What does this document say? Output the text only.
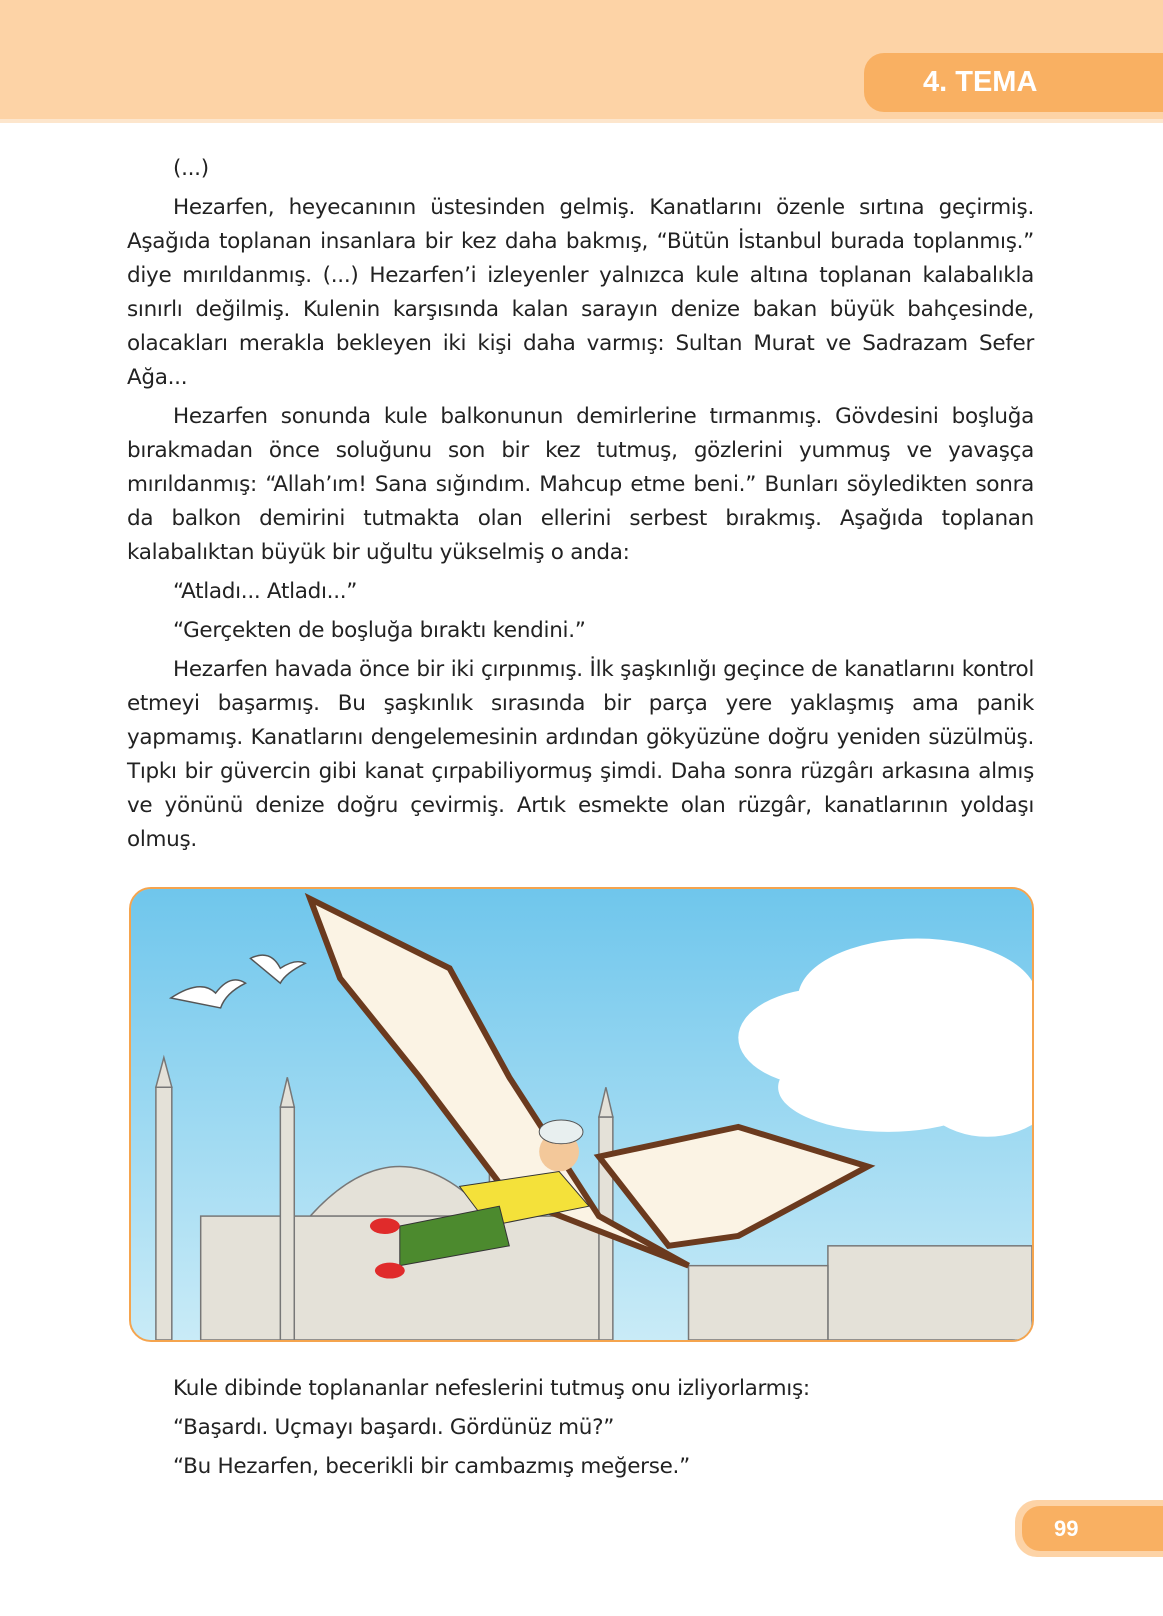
4. TEMA

(...)

Hezarfen, heyecanının üstesinden gelmiş. Kanatlarını özenle sırtına geçirmiş. Aşağıda toplanan insanlara bir kez daha bakmış, “Bütün İstanbul burada toplanmış.” diye mırıldanmış. (...) Hezarfen’i izleyenler yalnızca kule altına toplanan kalabalıkla sınırlı değilmiş. Kulenin karşısında kalan sarayın denize bakan büyük bahçesinde, olacakları merakla bekleyen iki kişi daha varmış: Sultan Murat ve Sadrazam Sefer Ağa...

Hezarfen sonunda kule balkonunun demirlerine tırmanmış. Gövdesini boşluğa bırakmadan önce soluğunu son bir kez tutmuş, gözlerini yummuş ve yavaşça mırıldanmış: “Allah’ım! Sana sığındım. Mahcup etme beni.” Bunları söyledikten sonra da balkon demirini tutmakta olan ellerini serbest bırakmış. Aşağıda toplanan kalabalıktan büyük bir uğultu yükselmiş o anda:

“Atladı... Atladı...”

“Gerçekten de boşluğa bıraktı kendini.”

Hezarfen havada önce bir iki çırpınmış. İlk şaşkınlığı geçince de kanatlarını kontrol etmeyi başarmış. Bu şaşkınlık sırasında bir parça yere yaklaşmış ama panik yapmamış. Kanatlarını dengelemesinin ardından gökyüzüne doğru yeniden süzülmüş. Tıpkı bir güvercin gibi kanat çırpabiliyormuş şimdi. Daha sonra rüzgârı arkasına almış ve yönünü denize doğru çevirmiş. Artık esmekte olan rüzgâr, kanatlarının yoldaşı olmuş.

Kule dibinde toplananlar nefeslerini tutmuş onu izliyorlarmış:

“Başardı. Uçmayı başardı. Gördünüz mü?”

“Bu Hezarfen, becerikli bir cambazmış meğerse.”

99
